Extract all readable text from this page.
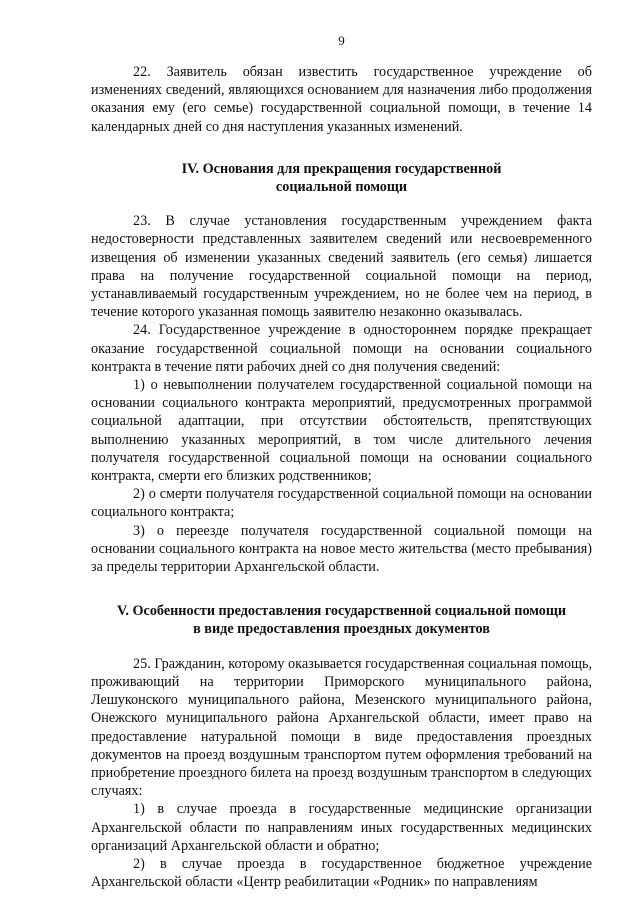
9

22. Заявитель обязан известить государственное учреждение об изменениях сведений, являющихся основанием для назначения либо продолжения оказания ему (его семье) государственной социальной помощи, в течение 14 календарных дней со дня наступления указанных изменений.

IV. Основания для прекращения государственной
социальной помощи

23. В случае установления государственным учреждением факта недостоверности представленных заявителем сведений или несвоевременного извещения об изменении указанных сведений заявитель (его семья) лишается права на получение государственной социальной помощи на период, устанавливаемый государственным учреждением, но не более чем на период, в течение которого указанная помощь заявителю незаконно оказывалась.

24. Государственное учреждение в одностороннем порядке прекращает оказание государственной социальной помощи на основании социального контракта в течение пяти рабочих дней со дня получения сведений:

1) о невыполнении получателем государственной социальной помощи на основании социального контракта мероприятий, предусмотренных программой социальной адаптации, при отсутствии обстоятельств, препятствующих выполнению указанных мероприятий, в том числе длительного лечения получателя государственной социальной помощи на основании социального контракта, смерти его близких родственников;

2) о смерти получателя государственной социальной помощи на основании социального контракта;

3) о переезде получателя государственной социальной помощи на основании социального контракта на новое место жительства (место пребывания) за пределы территории Архангельской области.

V. Особенности предоставления государственной социальной помощи
в виде предоставления проездных документов

25. Гражданин, которому оказывается государственная социальная помощь, проживающий на территории Приморского муниципального района, Лешуконского муниципального района, Мезенского муниципального района, Онежского муниципального района Архангельской области, имеет право на предоставление натуральной помощи в виде предоставления проездных документов на проезд воздушным транспортом путем оформления требований на приобретение проездного билета на проезд воздушным транспортом в следующих случаях:

1) в случае проезда в государственные медицинские организации Архангельской области по направлениям иных государственных медицинских организаций Архангельской области и обратно;

2) в случае проезда в государственное бюджетное учреждение Архангельской области «Центр реабилитации «Родник» по направлениям
